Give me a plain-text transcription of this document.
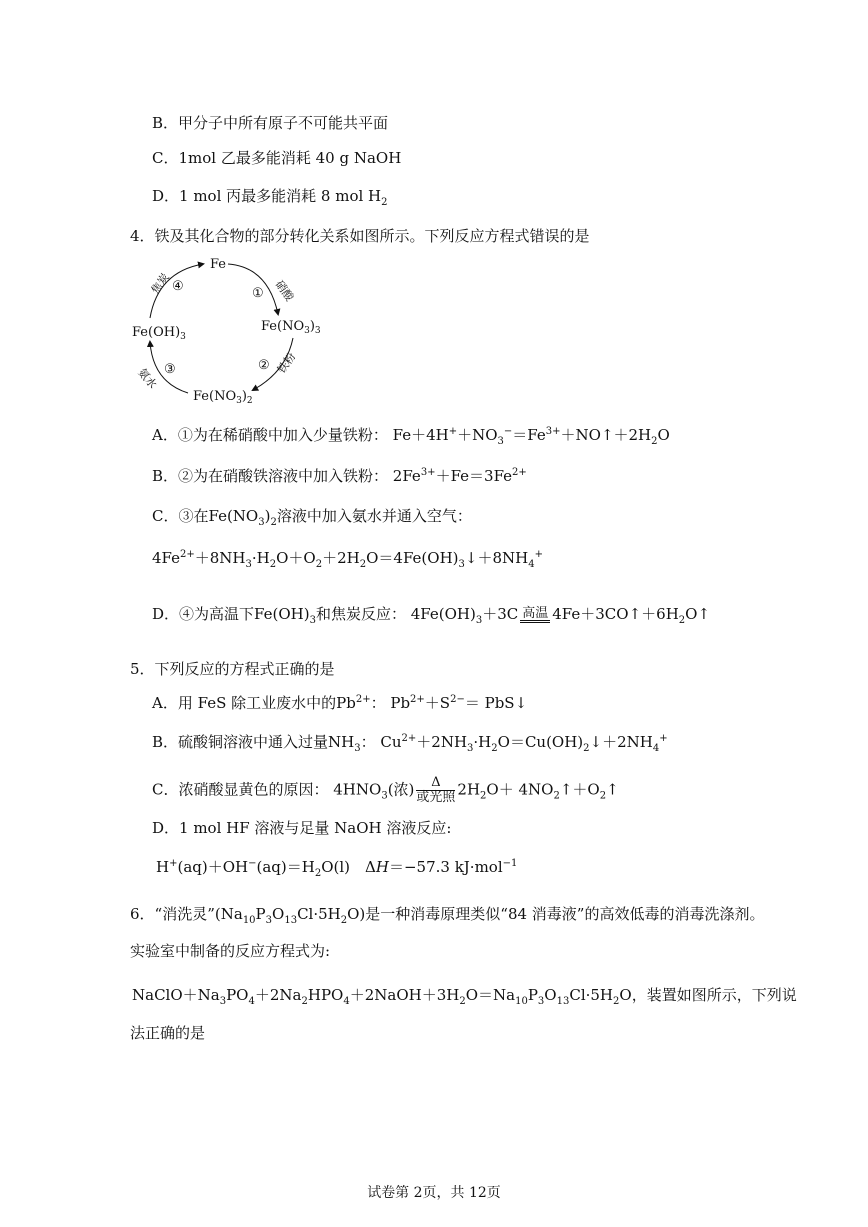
B．甲分子中所有原子不可能共平面
C．1mol 乙最多能消耗 40 g NaOH
D．1 mol 丙最多能消耗 8 mol $H_2$
4．铁及其化合物的部分转化关系如图所示。下列反应方程式错误的是
Fe
$Fe(NO_3)_3$
$Fe(NO_3)_2$
$Fe(OH)_3$
①
②
③
④	硝酸
铁粉
氨水
焦炭
A．①为在稀硝酸中加入少量铁粉： $Fe+4H^++NO_3^-=Fe^{3+}+NO↑+2H_2O$
B．②为在硝酸铁溶液中加入铁粉： $2Fe^{3+}+Fe=3Fe^{2+}$
C．③在$Fe(NO_3)_2$溶液中加入氨水并通入空气：
$4Fe^{2+}+8NH_3\cdot H_2O+O_2+2H_2O=4Fe(OH)_3↓+8NH_4^+$
D．④为高温下$Fe(OH)_3$和焦炭反应： $4Fe(OH)_3+3C$ 高温 $4Fe+3CO↑+6H_2O↑$
5．下列反应的方程式正确的是
A．用 FeS 除工业废水中的$Pb^{2+}$： $Pb^{2+}+S^{2-}=$ PbS↓
B．硫酸铜溶液中通入过量$NH_3$： $Cu^{2+}+2NH_3\cdot H_2O=Cu(OH)_2↓+2NH_4^+$
C．浓硝酸显黄色的原因： $4HNO_3$(浓) $\frac{\Delta}{\text{或光照}} 2H_2O+$ $4NO_2↑+O_2↑$
D．1 mol HF 溶液与足量 NaOH 溶液反应:
$H^+(aq)+OH^-(aq)=H_2O(l)$　ΔH＝−57.3 kJ·mol$^{-1}$
6．“消洗灵$”(Na_{10}P_3O_{13}Cl\cdot 5H_2O)$是一种消毒原理类似“84 消毒液”的高效低毒的消毒洗涤剂。
实验室中制备的反应方程式为:
$NaClO+Na_3PO_4+2Na_2HPO_4+2NaOH+3H_2O=Na_{10}P_3O_{13}Cl\cdot 5H_2O$，装置如图所示，下列说
法正确的是
试卷第 2页，共 12页
